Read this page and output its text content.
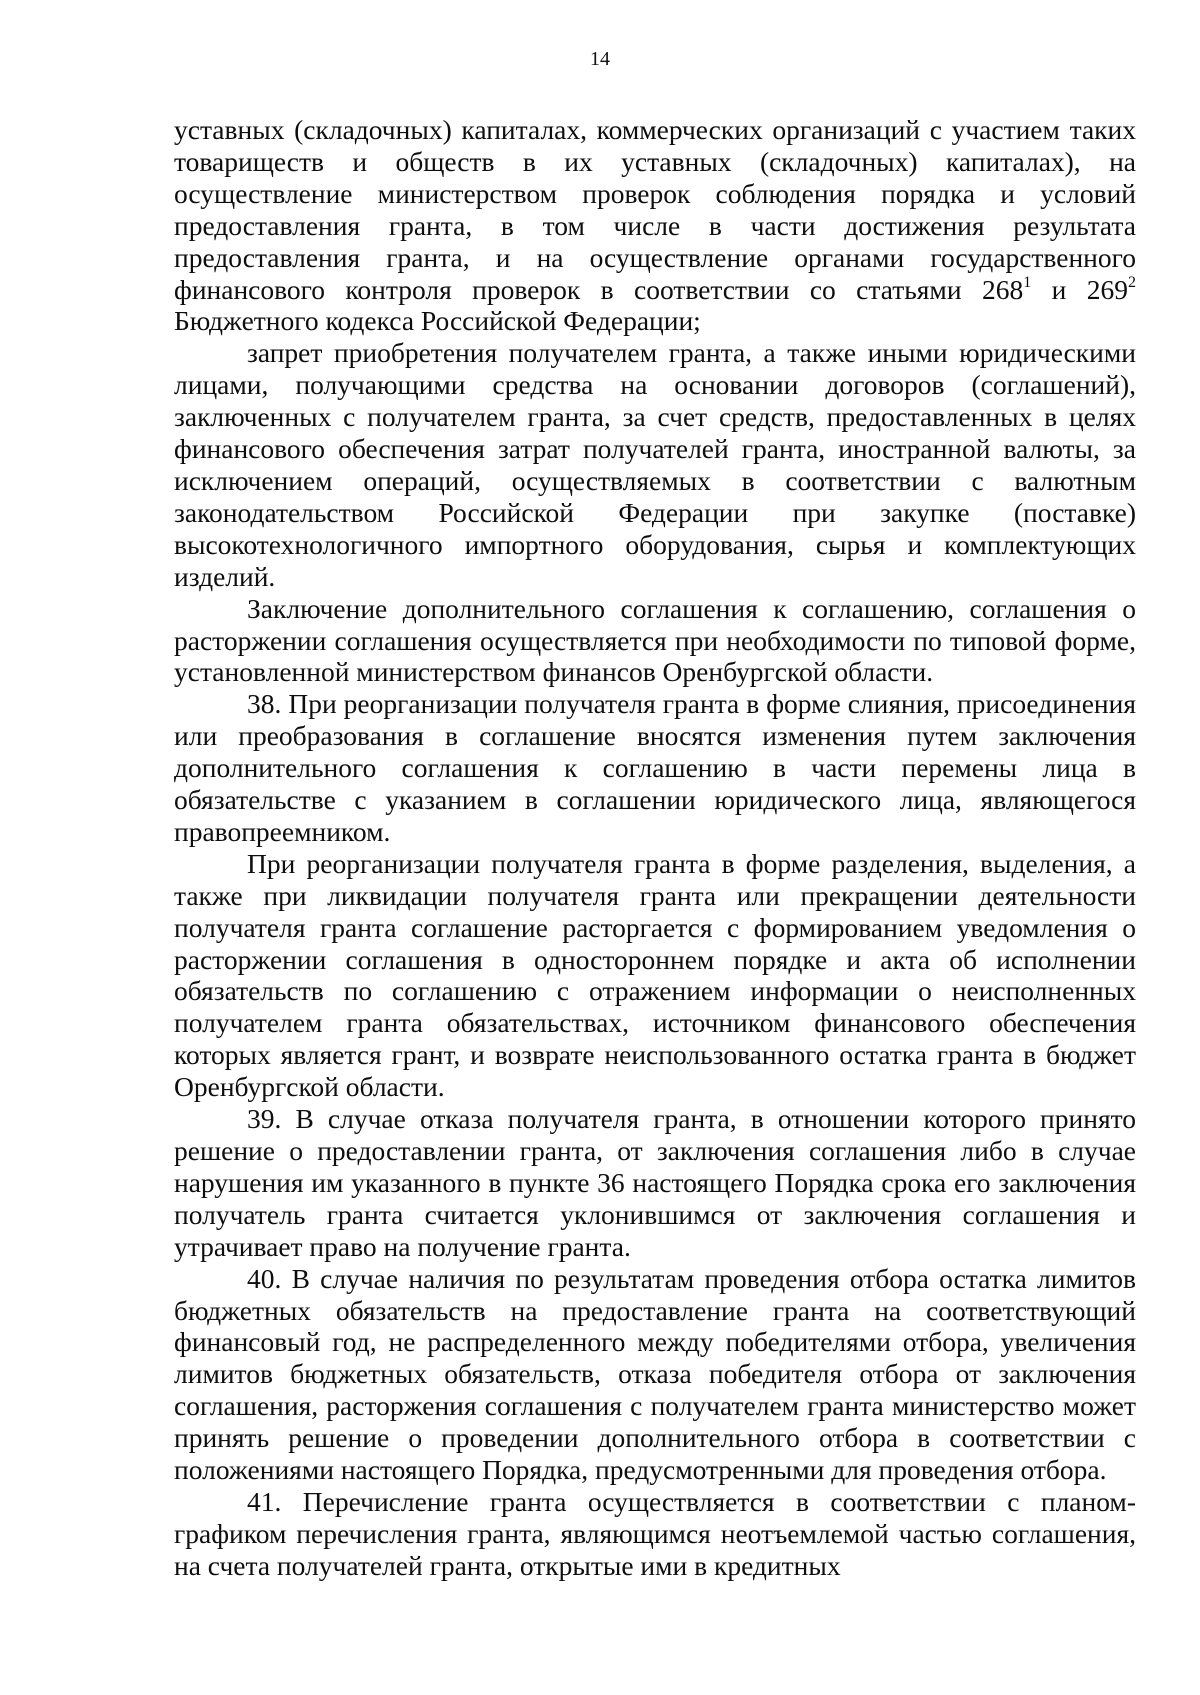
14

уставных (складочных) капиталах, коммерческих организаций с участием таких товариществ и обществ в их уставных (складочных) капиталах), на осуществление министерством проверок соблюдения порядка и условий предоставления гранта, в том числе в части достижения результата предоставления гранта, и на осуществление органами государственного финансового контроля проверок в соответствии со статьями $268^1$ и $269^2$ Бюджетного кодекса Российской Федерации;

запрет приобретения получателем гранта, а также иными юридическими лицами, получающими средства на основании договоров (соглашений), заключенных с получателем гранта, за счет средств, предоставленных в целях финансового обеспечения затрат получателей гранта, иностранной валюты, за исключением операций, осуществляемых в соответствии с валютным законодательством Российской Федерации при закупке (поставке) высокотехнологичного импортного оборудования, сырья и комплектующих изделий.

Заключение дополнительного соглашения к соглашению, соглашения о расторжении соглашения осуществляется при необходимости по типовой форме, установленной министерством финансов Оренбургской области.

38. При реорганизации получателя гранта в форме слияния, присоединения или преобразования в соглашение вносятся изменения путем заключения дополнительного соглашения к соглашению в части перемены лица в обязательстве с указанием в соглашении юридического лица, являющегося правопреемником.

При реорганизации получателя гранта в форме разделения, выделения, а также при ликвидации получателя гранта или прекращении деятельности получателя гранта соглашение расторгается с формированием уведомления о расторжении соглашения в одностороннем порядке и акта об исполнении обязательств по соглашению с отражением информации о неисполненных получателем гранта обязательствах, источником финансового обеспечения которых является грант, и возврате неиспользованного остатка гранта в бюджет Оренбургской области.

39. В случае отказа получателя гранта, в отношении которого принято решение о предоставлении гранта, от заключения соглашения либо в случае нарушения им указанного в пункте 36 настоящего Порядка срока его заключения получатель гранта считается уклонившимся от заключения соглашения и утрачивает право на получение гранта.

40. В случае наличия по результатам проведения отбора остатка лимитов бюджетных обязательств на предоставление гранта на соответствующий финансовый год, не распределенного между победителями отбора, увеличения лимитов бюджетных обязательств, отказа победителя отбора от заключения соглашения, расторжения соглашения с получателем гранта министерство может принять решение о проведении дополнительного отбора в соответствии с положениями настоящего Порядка, предусмотренными для проведения отбора.

41. Перечисление гранта осуществляется в соответствии с планом-графиком перечисления гранта, являющимся неотъемлемой частью соглашения, на счета получателей гранта, открытые ими в кредитных
